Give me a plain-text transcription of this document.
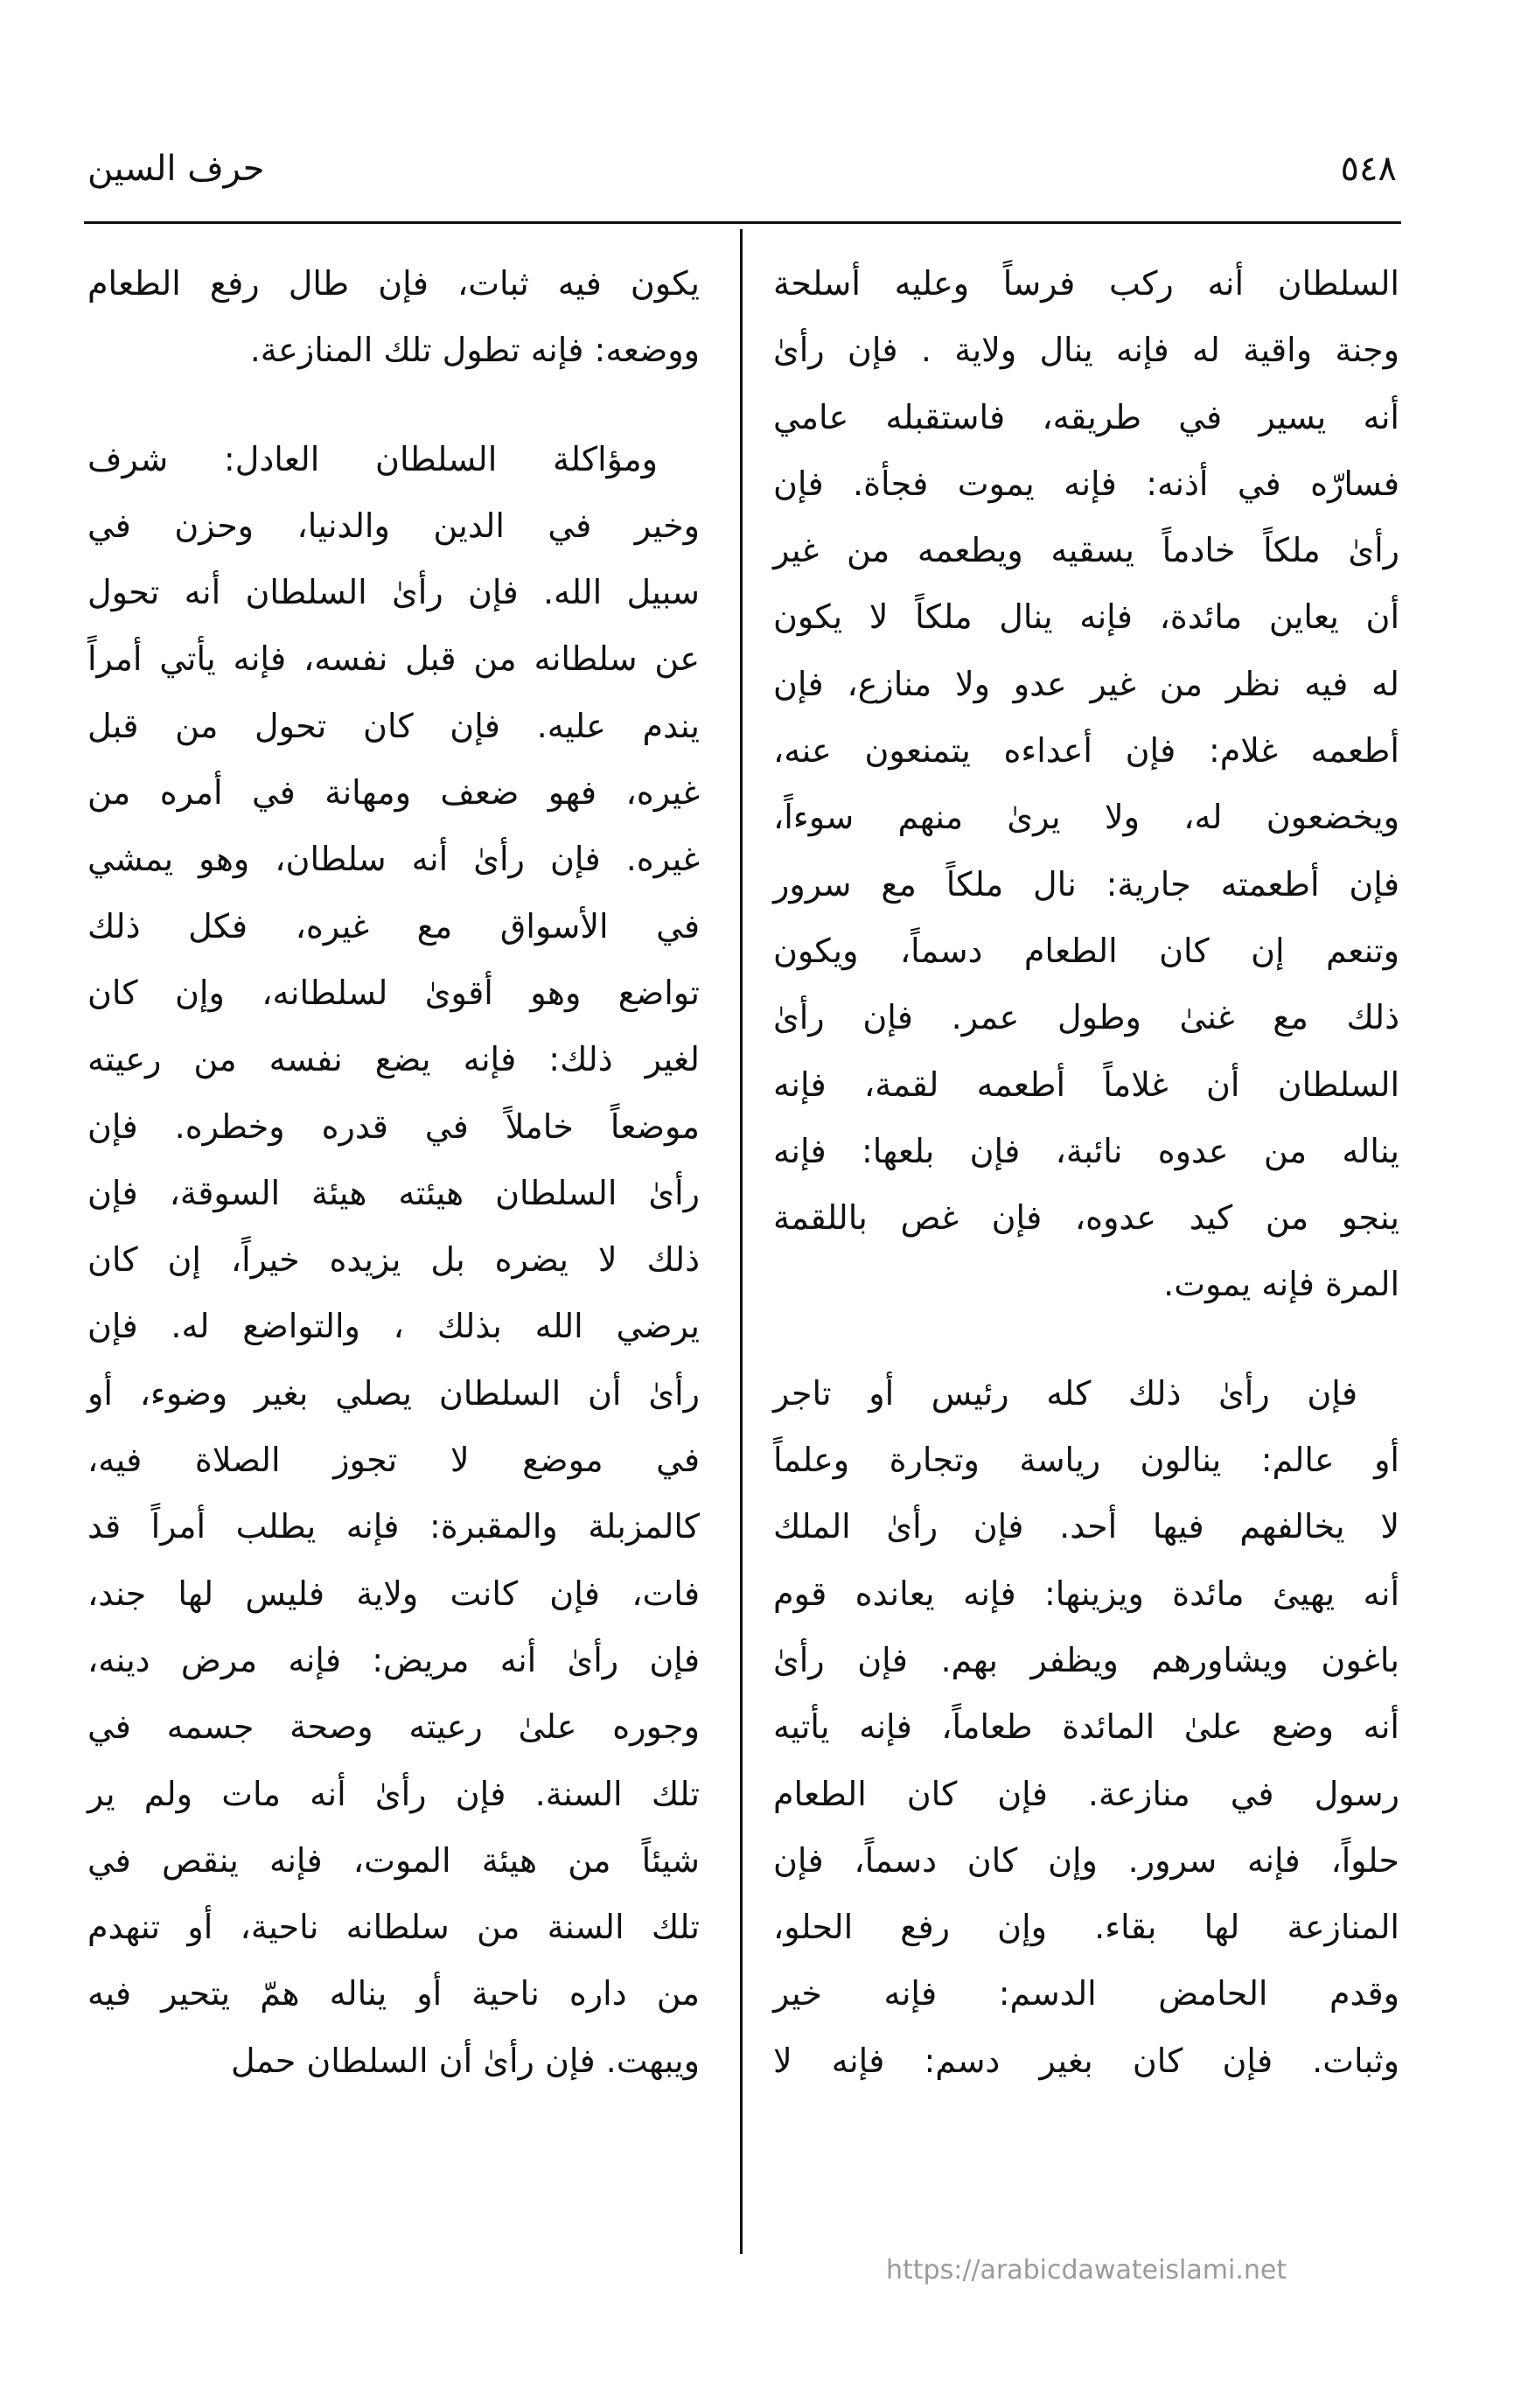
٥٤٨
حرف السين
السلطان أنه ركب فرساً وعليه أسلحة
وجنة واقية له فإنه ينال ولاية . فإن رأىٰ
أنه يسير في طريقه، فاستقبله عامي
فسارّه في أذنه: فإنه يموت فجأة. فإن
رأىٰ ملكاً خادماً يسقيه ويطعمه من غير
أن يعاين مائدة، فإنه ينال ملكاً لا يكون
له فيه نظر من غير عدو ولا منازع، فإن
أطعمه غلام: فإن أعداءه يتمنعون عنه،
ويخضعون له، ولا يرىٰ منهم سوءاً،
فإن أطعمته جارية: نال ملكاً مع سرور
وتنعم إن كان الطعام دسماً، ويكون
ذلك مع غنىٰ وطول عمر. فإن رأىٰ
السلطان أن غلاماً أطعمه لقمة، فإنه
يناله من عدوه نائبة، فإن بلعها: فإنه
ينجو من كيد عدوه، فإن غص باللقمة
المرة فإنه يموت.
فإن رأىٰ ذلك كله رئيس أو تاجر
أو عالم: ينالون رياسة وتجارة وعلماً
لا يخالفهم فيها أحد. فإن رأىٰ الملك
أنه يهيئ مائدة ويزينها: فإنه يعانده قوم
باغون ويشاورهم ويظفر بهم. فإن رأىٰ
أنه وضع علىٰ المائدة طعاماً، فإنه يأتيه
رسول في منازعة. فإن كان الطعام
حلواً، فإنه سرور. وإن كان دسماً، فإن
المنازعة لها بقاء. وإن رفع الحلو،
وقدم الحامض الدسم: فإنه خير
وثبات. فإن كان بغير دسم: فإنه لا
يكون فيه ثبات، فإن طال رفع الطعام
ووضعه: فإنه تطول تلك المنازعة.
ومؤاكلة السلطان العادل: شرف
وخير في الدين والدنيا، وحزن في
سبيل الله. فإن رأىٰ السلطان أنه تحول
عن سلطانه من قبل نفسه، فإنه يأتي أمراً
يندم عليه. فإن كان تحول من قبل
غيره، فهو ضعف ومهانة في أمره من
غيره. فإن رأىٰ أنه سلطان، وهو يمشي
في الأسواق مع غيره، فكل ذلك
تواضع وهو أقوىٰ لسلطانه، وإن كان
لغير ذلك: فإنه يضع نفسه من رعيته
موضعاً خاملاً في قدره وخطره. فإن
رأىٰ السلطان هيئته هيئة السوقة، فإن
ذلك لا يضره بل يزيده خيراً، إن كان
يرضي الله بذلك ، والتواضع له. فإن
رأىٰ أن السلطان يصلي بغير وضوء، أو
في موضع لا تجوز الصلاة فيه،
كالمزبلة والمقبرة: فإنه يطلب أمراً قد
فات، فإن كانت ولاية فليس لها جند،
فإن رأىٰ أنه مريض: فإنه مرض دينه،
وجوره علىٰ رعيته وصحة جسمه في
تلك السنة. فإن رأىٰ أنه مات ولم ير
شيئاً من هيئة الموت، فإنه ينقص في
تلك السنة من سلطانه ناحية، أو تنهدم
من داره ناحية أو يناله همّ يتحير فيه
ويبهت. فإن رأىٰ أن السلطان حمل
https://arabicdawateislami.net
